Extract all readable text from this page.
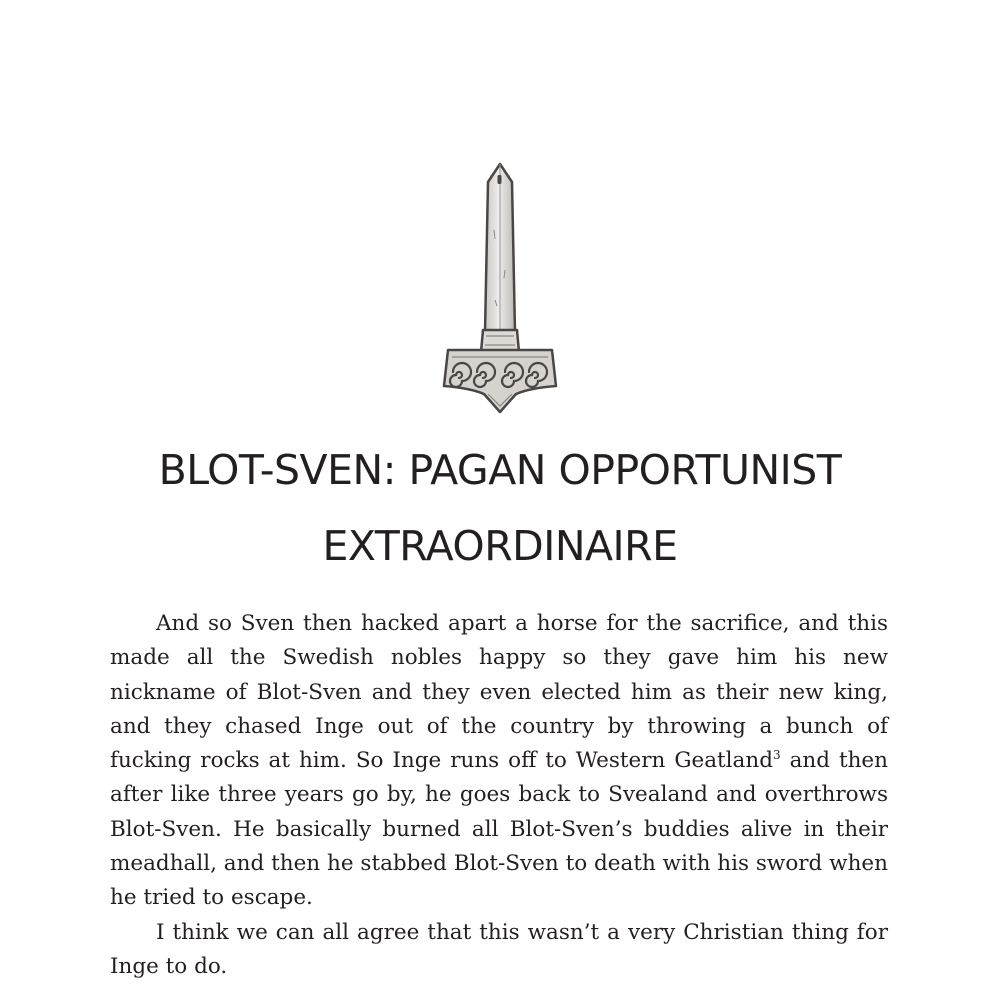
BLOT-SVEN: PAGAN OPPORTUNIST
EXTRAORDINAIRE

And so Sven then hacked apart a horse for the sacrifice, and this made all the Swedish nobles happy so they gave him his new nickname of Blot-Sven and they even elected him as their new king, and they chased Inge out of the country by throwing a bunch of fucking rocks at him. So Inge runs off to Western Geatland$^3$ and then after like three years go by, he goes back to Svealand and overthrows Blot-Sven. He basically burned all Blot-Sven’s buddies alive in their meadhall, and then he stabbed Blot-Sven to death with his sword when he tried to escape.

I think we can all agree that this wasn’t a very Christian thing for Inge to do.
